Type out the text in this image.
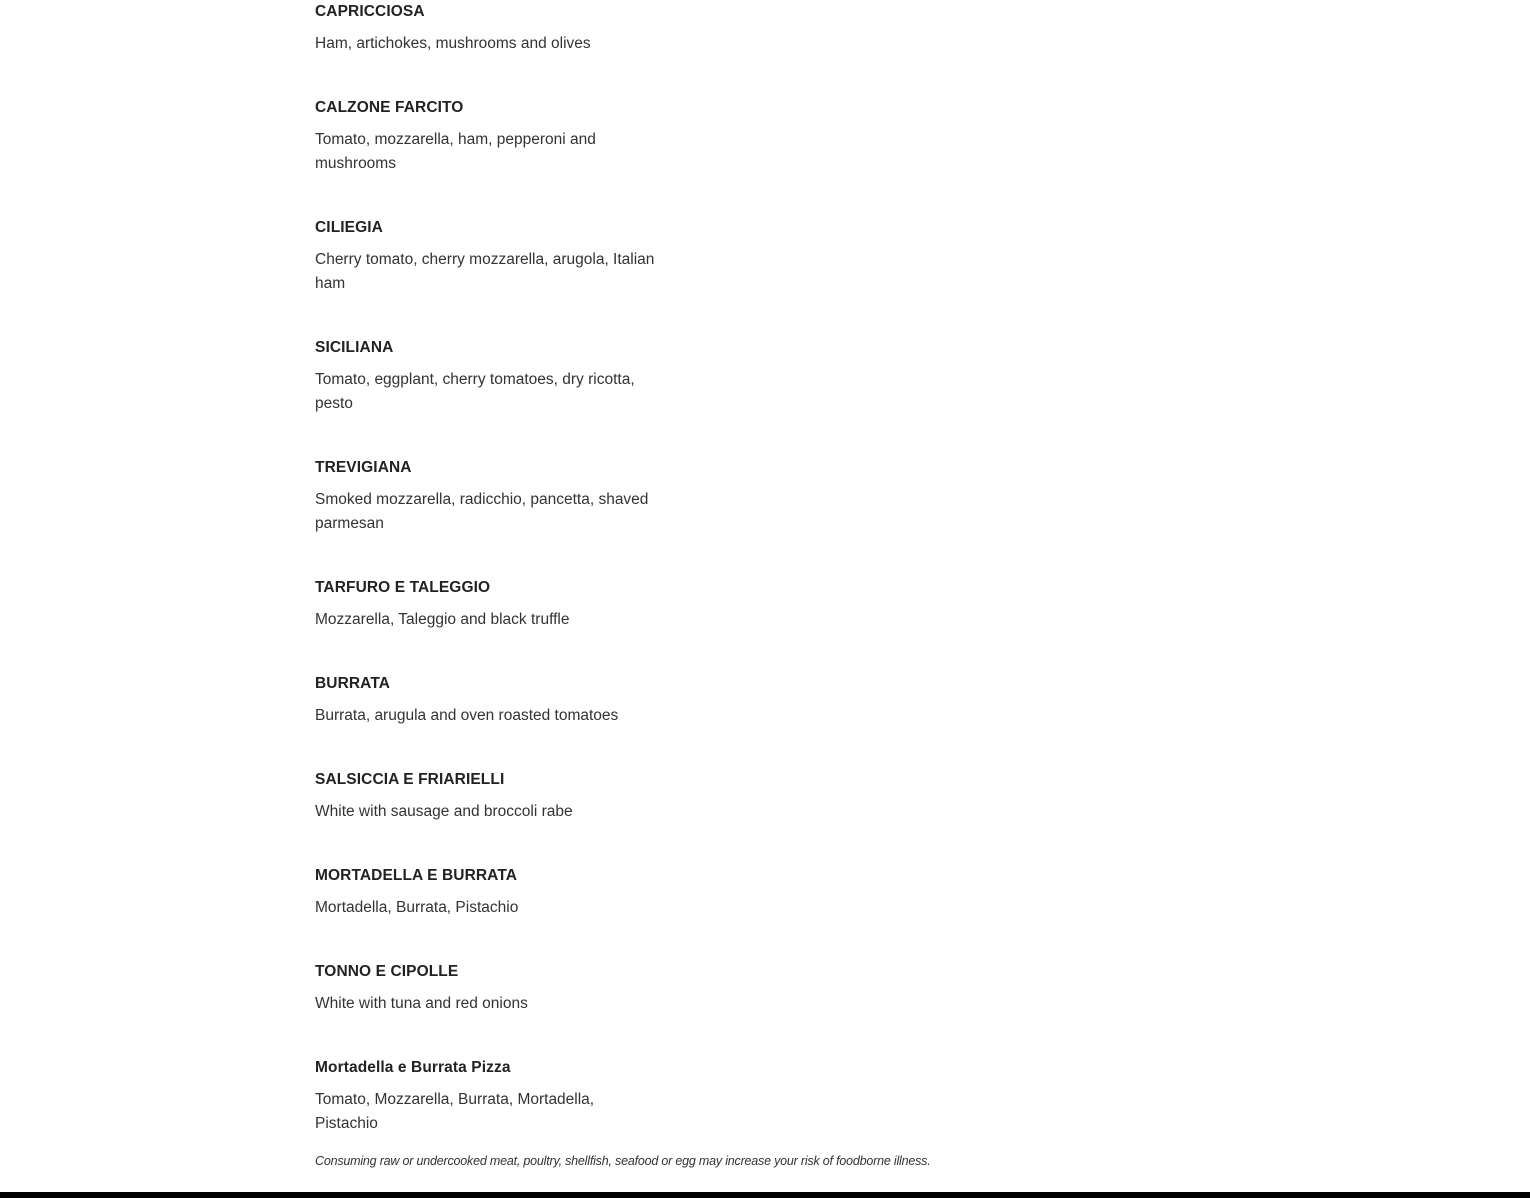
CAPRICCIOSA
Ham, artichokes, mushrooms and olives
CALZONE FARCITO
Tomato, mozzarella, ham, pepperoni and mushrooms
CILIEGIA
Cherry tomato, cherry mozzarella, arugola, Italian ham
SICILIANA
Tomato, eggplant, cherry tomatoes, dry ricotta, pesto
TREVIGIANA
Smoked mozzarella, radicchio, pancetta, shaved parmesan
TARFURO E TALEGGIO
Mozzarella, Taleggio and black truffle
BURRATA
Burrata, arugula and oven roasted tomatoes
SALSICCIA E FRIARIELLI
White with sausage and broccoli rabe
MORTADELLA E BURRATA
Mortadella, Burrata, Pistachio
TONNO E CIPOLLE
White with tuna and red onions
Mortadella e Burrata Pizza
Tomato, Mozzarella, Burrata, Mortadella, Pistachio
Consuming raw or undercooked meat, poultry, shellfish, seafood or egg may increase your risk of foodborne illness.
